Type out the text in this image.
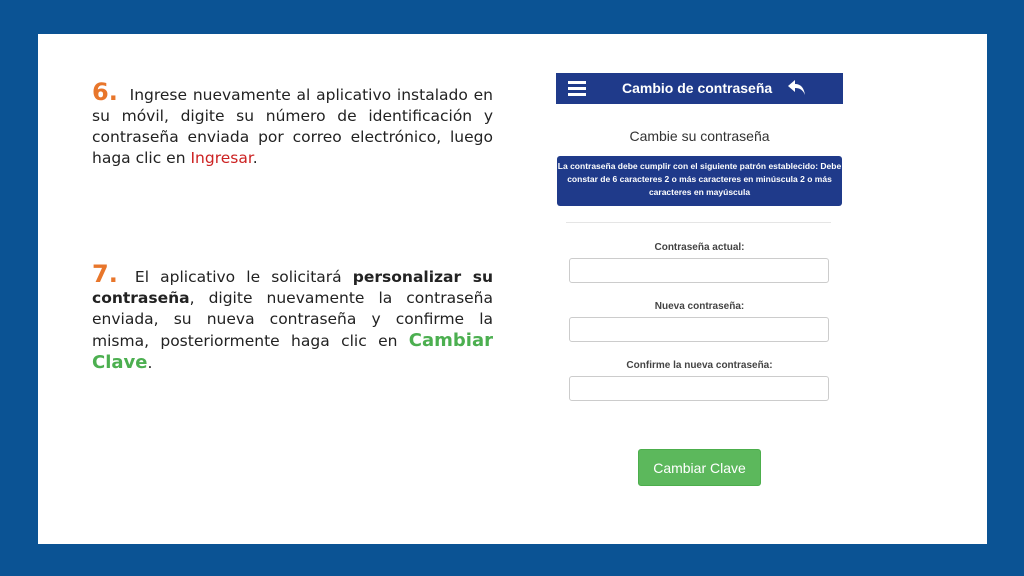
6. Ingrese nuevamente al aplicativo instalado en su móvil, digite su número de identificación y contraseña enviada por correo electrónico, luego haga clic en Ingresar.
7. El aplicativo le solicitará personalizar su contraseña, digite nuevamente la contraseña enviada, su nueva contraseña y confirme la misma, posteriormente haga clic en Cambiar Clave.
Cambio de contraseña
Cambie su contraseña
La contraseña debe cumplir con el siguiente patrón establecido: Debe constar de 6 caracteres 2 o más caracteres en minúscula 2 o más caracteres en mayúscula
Contraseña actual:
Nueva contraseña:
Confirme la nueva contraseña:
Cambiar Clave
